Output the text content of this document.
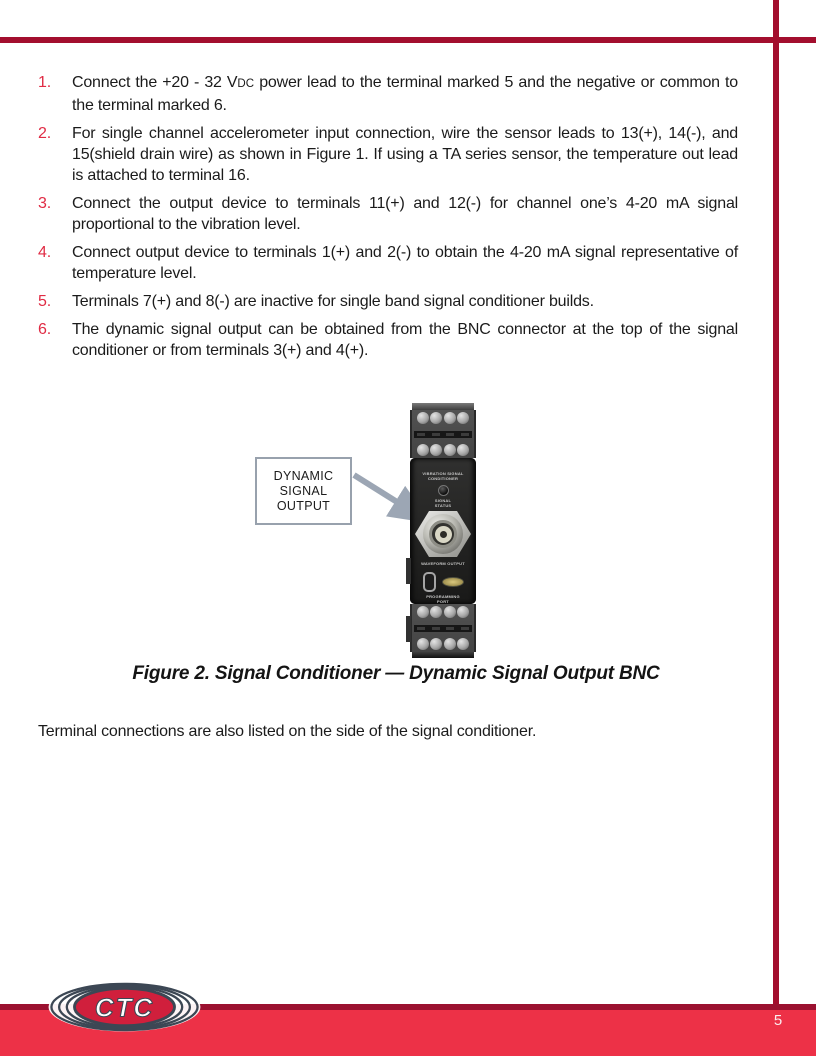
1.	Connect the +20 - 32 VDC power lead to the terminal marked 5 and the negative or common to the terminal marked 6.
2.	For single channel accelerometer input connection, wire the sensor leads to 13(+), 14(-), and 15(shield drain wire) as shown in Figure 1. If using a TA series sensor, the temperature out lead is attached to terminal 16.
3.	Connect the output device to terminals 11(+) and 12(-) for channel one’s 4-20 mA signal proportional to the vibration level.
4.	Connect output device to terminals 1(+) and 2(-) to obtain the 4-20 mA signal representative of temperature level.
5.	Terminals 7(+) and 8(-) are inactive for single band signal conditioner builds.
6.	The dynamic signal output can be obtained from the BNC connector at the top of the signal conditioner or from terminals 3(+) and 4(+).
DYNAMIC
SIGNAL
OUTPUT
VIBRATION SIGNAL
CONDITIONER
SIGNAL
STATUS
WAVEFORM OUTPUT
PROGRAMMING
PORT
Figure 2. Signal Conditioner — Dynamic Signal Output BNC
Terminal connections are also listed on the side of the signal conditioner.
CTC	5
